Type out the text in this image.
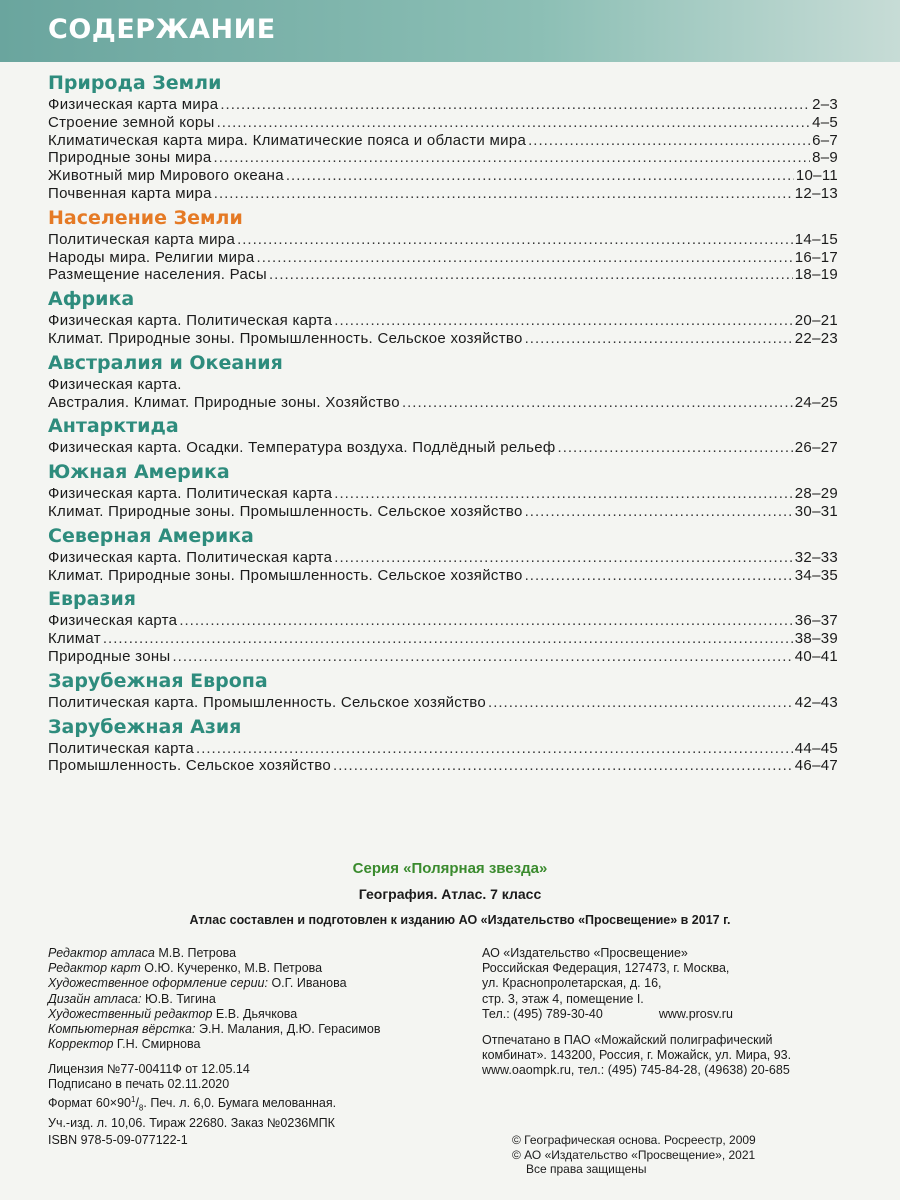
СОДЕРЖАНИЕ
Природа Земли
Физическая карта мира .....	2–3
Строение земной коры .....	4–5
Климатическая карта мира. Климатические пояса и области мира .....	6–7
Природные зоны мира .....	8–9
Животный мир Мирового океана .....	10–11
Почвенная карта мира .....	12–13
Население Земли
Политическая карта мира .....	14–15
Народы мира. Религии мира .....	16–17
Размещение населения. Расы .....	18–19
Африка
Физическая карта. Политическая карта .....	20–21
Климат. Природные зоны. Промышленность. Сельское хозяйство .....	22–23
Австралия и Океания
Физическая карта.
Австралия. Климат. Природные зоны. Хозяйство .....	24–25
Антарктида
Физическая карта. Осадки. Температура воздуха. Подлёдный рельеф .....	26–27
Южная Америка
Физическая карта. Политическая карта .....	28–29
Климат. Природные зоны. Промышленность. Сельское хозяйство .....	30–31
Северная Америка
Физическая карта. Политическая карта .....	32–33
Климат. Природные зоны. Промышленность. Сельское хозяйство .....	34–35
Евразия
Физическая карта .....	36–37
Климат .....	38–39
Природные зоны .....	40–41
Зарубежная Европа
Политическая карта. Промышленность. Сельское хозяйство .....	42–43
Зарубежная Азия
Политическая карта .....	44–45
Промышленность. Сельское хозяйство .....	46–47
Серия «Полярная звезда»
География. Атлас. 7 класс
Атлас составлен и подготовлен к изданию АО «Издательство «Просвещение» в 2017 г.
Редактор атласа М.В. Петрова
Редактор карт О.Ю. Кучеренко, М.В. Петрова
Художественное оформление серии: О.Г. Иванова
Дизайн атласа: Ю.В. Тигина
Художественный редактор Е.В. Дьячкова
Компьютерная вёрстка: Э.Н. Малания, Д.Ю. Герасимов
Корректор Г.Н. Смирнова
АО «Издательство «Просвещение»
Российская Федерация, 127473, г. Москва,
ул. Краснопролетарская, д. 16,
стр. 3, этаж 4, помещение I.
Тел.: (495) 789-30-40	www.prosv.ru
Отпечатано в ПАО «Можайский полиграфический
комбинат». 143200, Россия, г. Можайск, ул. Мира, 93.
www.oaompk.ru, тел.: (495) 745-84-28, (49638) 20-685
Лицензия №77-00411Ф от 12.05.14
Подписано в печать 02.11.2020
Формат $60\times 90^1/_8$. Печ. л. 6,0. Бумага мелованная.
Уч.-изд. л. 10,06. Тираж 22680. Заказ №0236МПК
ISBN 978-5-09-077122-1	© Географическая основа. Росреестр, 2009
© АО «Издательство «Просвещение», 2021
Все права защищены
